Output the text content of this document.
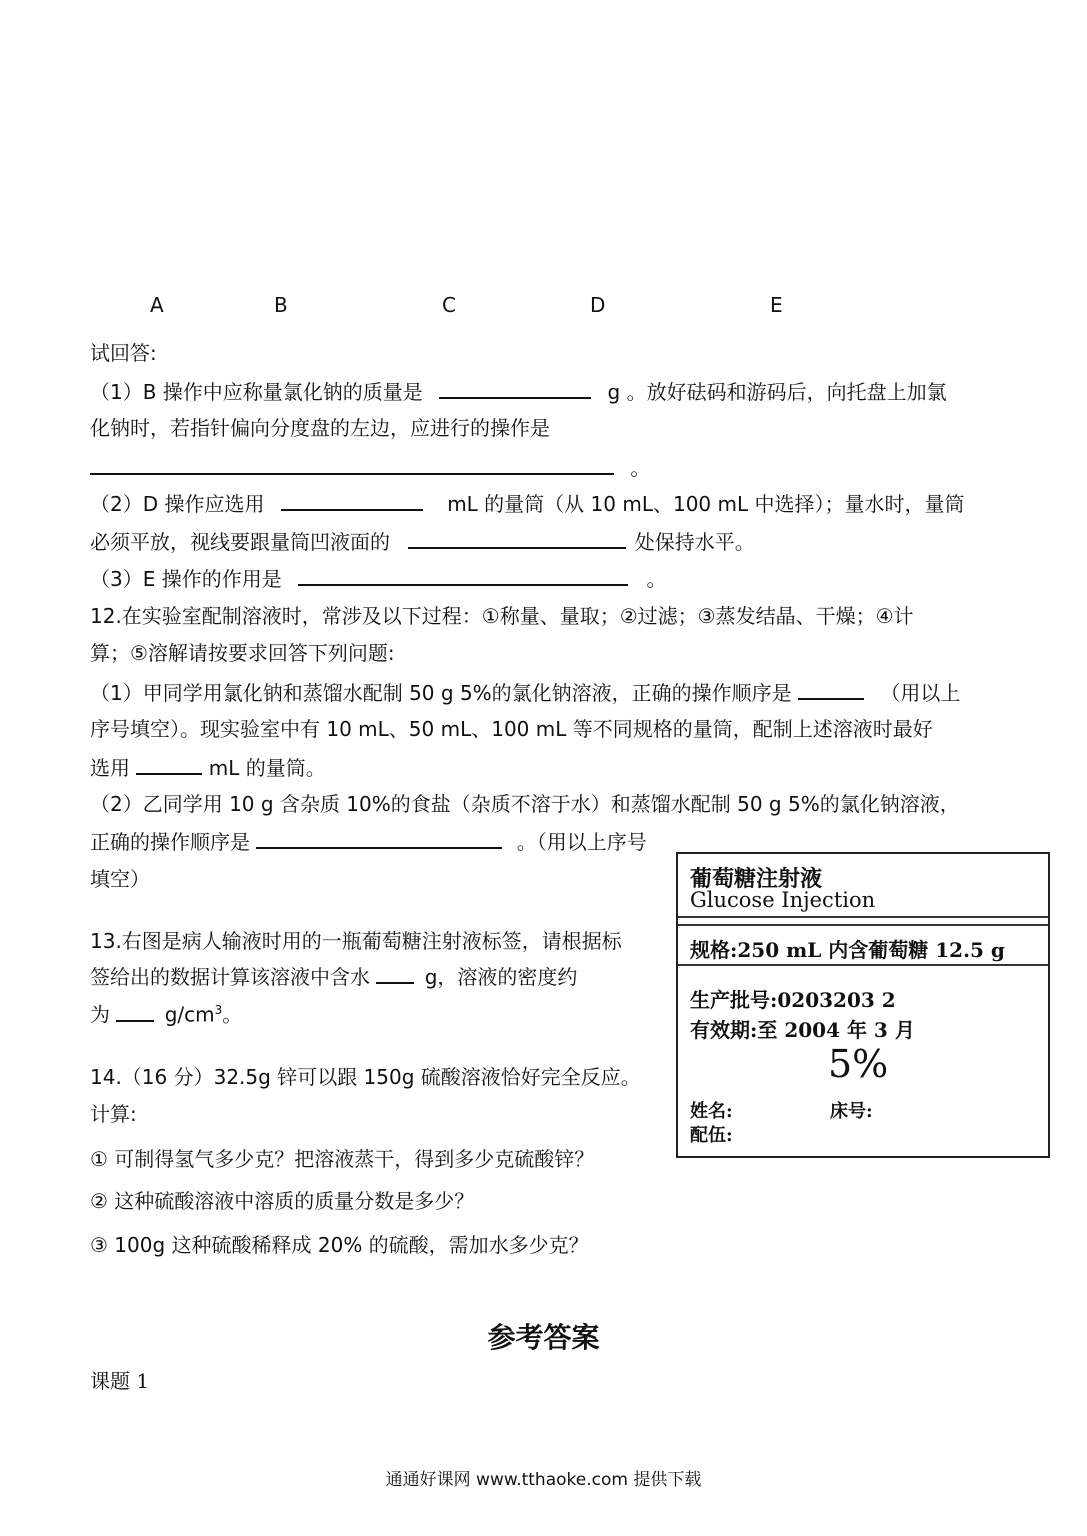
A	B	C	D	E
试回答:
（1）B 操作中应称量氯化钠的质量是	g 。放好砝码和游码后，向托盘上加氯
化钠时，若指针偏向分度盘的左边，应进行的操作是
。
（2）D 操作应选用	mL 的量筒（从 10 mL、100 mL 中选择）；量水时，量筒
必须平放，视线要跟量筒凹液面的	处保持水平。
（3）E 操作的作用是	。
12.在实验室配制溶液时，常涉及以下过程：①称量、量取；②过滤；③蒸发结晶、干燥；④计
算；⑤溶解请按要求回答下列问题:
（1）甲同学用氯化钠和蒸馏水配制 50 g 5%的氯化钠溶液，正确的操作顺序是	（用以上
序号填空）。现实验室中有 10 mL、50 mL、100 mL 等不同规格的量筒，配制上述溶液时最好
选用	mL 的量筒。
（2）乙同学用 10 g 含杂质 10%的食盐（杂质不溶于水）和蒸馏水配制 50 g 5%的氯化钠溶液，
正确的操作顺序是	。（用以上序号
填空）
13.右图是病人输液时用的一瓶葡萄糖注射液标签，请根据标
签给出的数据计算该溶液中含水	g，溶液的密度约
为	$g/cm^3$。
葡萄糖注射液
Glucose Injection
规格:250 mL 内含葡萄糖 12.5 g
生产批号:0203203 2
有效期:至 2004 年 3 月
5%
姓名:	床号:
配伍:
14.（16 分）32.5g 锌可以跟 150g 硫酸溶液恰好完全反应。
计算:
① 可制得氢气多少克？把溶液蒸干，得到多少克硫酸锌？
② 这种硫酸溶液中溶质的质量分数是多少？
③ 100g 这种硫酸稀释成 20% 的硫酸，需加水多少克？
参考答案
课题 1
通通好课网 www.tthaoke.com 提供下载
